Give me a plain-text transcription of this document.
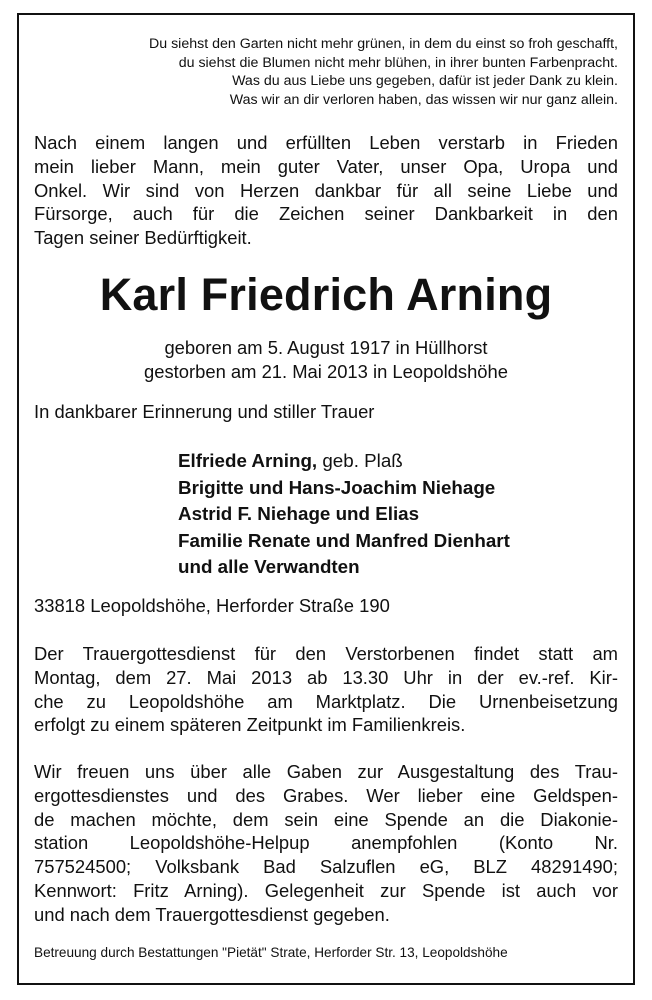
Du siehst den Garten nicht mehr grünen, in dem du einst so froh geschafft,
du siehst die Blumen nicht mehr blühen, in ihrer bunten Farbenpracht.
Was du aus Liebe uns gegeben, dafür ist jeder Dank zu klein.
Was wir an dir verloren haben, das wissen wir nur ganz allein.
Nach einem langen und erfüllten Leben verstarb in Frieden
mein lieber Mann, mein guter Vater, unser Opa, Uropa und
Onkel. Wir sind von Herzen dankbar für all seine Liebe und
Fürsorge, auch für die Zeichen seiner Dankbarkeit in den
Tagen seiner Bedürftigkeit.
Karl Friedrich Arning
geboren am 5. August 1917 in Hüllhorst
gestorben am 21. Mai 2013 in Leopoldshöhe
In dankbarer Erinnerung und stiller Trauer
Elfriede Arning, geb. Plaß
Brigitte und Hans-Joachim Niehage
Astrid F. Niehage und Elias
Familie Renate und Manfred Dienhart
und alle Verwandten
33818 Leopoldshöhe, Herforder Straße 190
Der Trauergottesdienst für den Verstorbenen findet statt am
Montag, dem 27. Mai 2013 ab 13.30 Uhr in der ev.-ref. Kir-
che zu Leopoldshöhe am Marktplatz. Die Urnenbeisetzung
erfolgt zu einem späteren Zeitpunkt im Familienkreis.
Wir freuen uns über alle Gaben zur Ausgestaltung des Trau-
ergottesdienstes und des Grabes. Wer lieber eine Geldspen-
de machen möchte, dem sein eine Spende an die Diakonie-
station Leopoldshöhe-Helpup anempfohlen (Konto Nr.
757524500; Volksbank Bad Salzuflen eG, BLZ 48291490;
Kennwort: Fritz Arning). Gelegenheit zur Spende ist auch vor
und nach dem Trauergottesdienst gegeben.
Betreuung durch Bestattungen "Pietät" Strate, Herforder Str. 13, Leopoldshöhe
